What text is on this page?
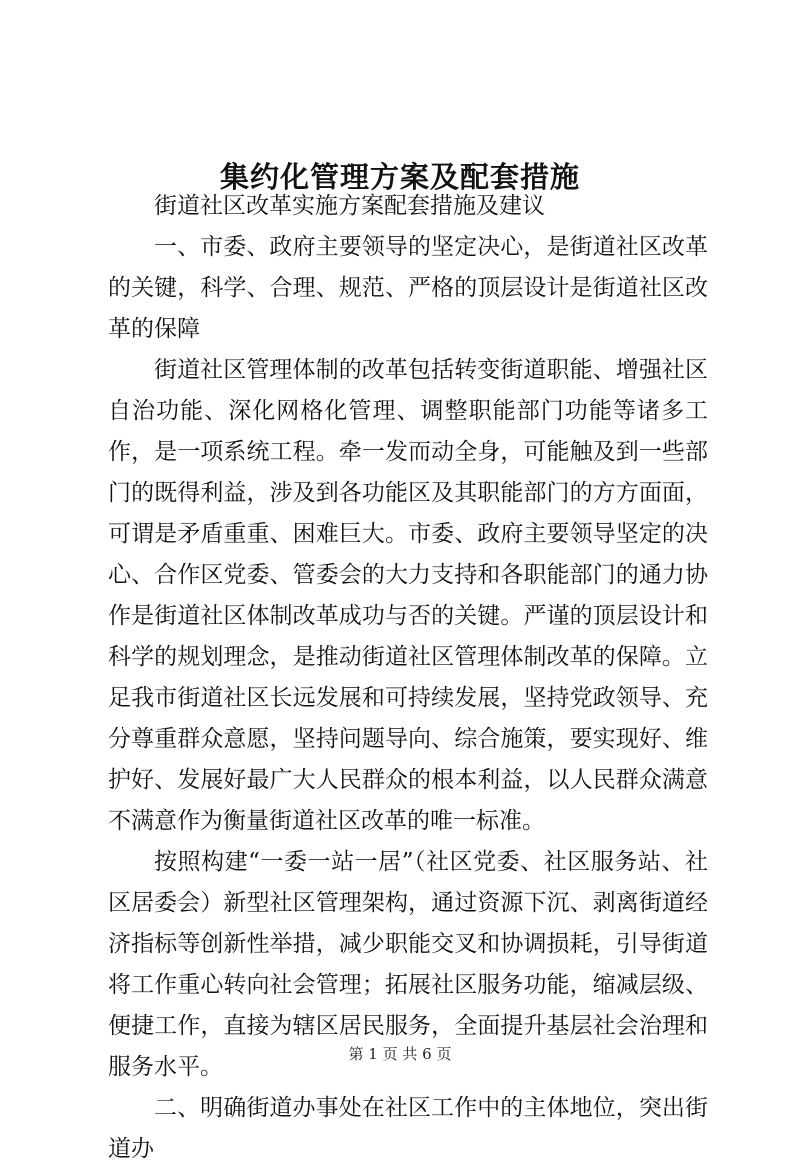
集约化管理方案及配套措施

街道社区改革实施方案配套措施及建议

一、市委、政府主要领导的坚定决心，是街道社区改革的关键，科学、合理、规范、严格的顶层设计是街道社区改革的保障

街道社区管理体制的改革包括转变街道职能、增强社区自治功能、深化网格化管理、调整职能部门功能等诸多工作，是一项系统工程。牵一发而动全身，可能触及到一些部门的既得利益，涉及到各功能区及其职能部门的方方面面，可谓是矛盾重重、困难巨大。市委、政府主要领导坚定的决心、合作区党委、管委会的大力支持和各职能部门的通力协作是街道社区体制改革成功与否的关键。严谨的顶层设计和科学的规划理念，是推动街道社区管理体制改革的保障。立足我市街道社区长远发展和可持续发展，坚持党政领导、充分尊重群众意愿，坚持问题导向、综合施策，要实现好、维护好、发展好最广大人民群众的根本利益，以人民群众满意不满意作为衡量街道社区改革的唯一标准。

按照构建“一委一站一居”（社区党委、社区服务站、社区居委会）新型社区管理架构，通过资源下沉、剥离街道经济指标等创新性举措，减少职能交叉和协调损耗，引导街道将工作重心转向社会管理；拓展社区服务功能，缩减层级、便捷工作，直接为辖区居民服务，全面提升基层社会治理和服务水平。

二、明确街道办事处在社区工作中的主体地位，突出街道办

第 1 页 共 6 页
